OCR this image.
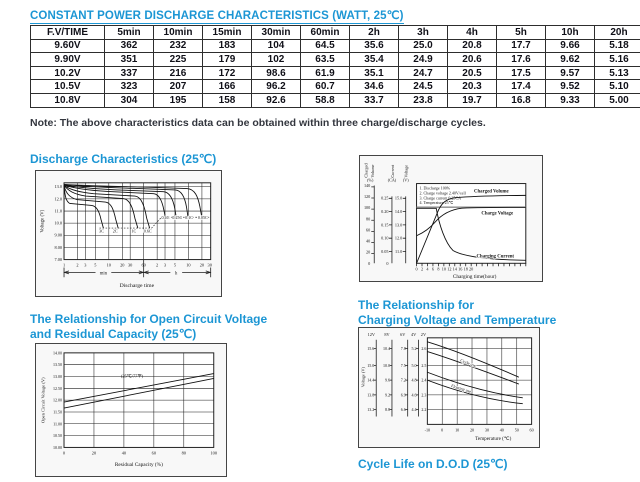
CONSTANT POWER DISCHARGE CHARACTERISTICS (WATT, 25℃)
F.V/TIME	5min	10min	15min	30min	60min	2h	3h	4h	5h	10h	20h
9.60V	362	232	183	104	64.5	35.6	25.0	20.8	17.7	9.66	5.18
9.90V	351	225	179	102	63.5	35.4	24.9	20.6	17.6	9.62	5.16
10.2V	337	216	172	98.6	61.9	35.1	24.7	20.5	17.5	9.57	5.13
10.5V	323	207	166	96.2	60.7	34.6	24.5	20.3	17.4	9.52	5.10
10.8V	304	195	158	92.6	58.8	33.7	23.8	19.7	16.8	9.33	5.00
Note: The above characteristics data can be obtained within three charge/discharge cycles.
Discharge Characteristics (25℃)
Voltage (V)
13.0
12.0
11.0
10.0
9.00
8.00
7.00
1	2 3 5 10 20 30 60 2 3 5 10 20 30
3C 2C	1C 0.6C
0.4C 0.25C 0.1C 0.05C
min	h
Discharge time
Charged Volume	Current Voltage
(%)	(CA) (V)
140
120
100
80
60
40
20
0
0.25
0.20
0.15
0.10
0.05
0
15.0
14.0
13.0
12.0
11.0
0 2 4 6 8 10 12 14 16 18 20
1. Discharge 100%
2. Charge voltage 2.40V/cell
3. Charge current 0.25CA
4. Temperature 25℃
Charged Volume
Charge Voltage
Charging Current
Charging time(hour)
The Relationship for Open Circuit Voltage
and Residual Capacity (25℃)
(25℃/77℉)
Open Circuit Voltage (V)
14.00
13.50
13.00
12.50
12.00
11.50
11.00
10.50
10.00
0	20	40	60	80	100
Residual Capacity (%)
The Relationship for
Charging Voltage and Temperature
Cycle use
Floating use
Voltage (V)
12V 8V 6V 4V 2V
15.6
15.0
14.4
13.8
13.2
10.4
10.0
9.6
9.2
8.8
7.8
7.5
7.2
6.9
6.6
5.2
5.0
4.8
4.6
4.4
2.6
2.5
2.4
2.3
2.2
-10	0	10	20	30	40	50	60
Temperature (℃)
Cycle Life on D.O.D (25℃)
